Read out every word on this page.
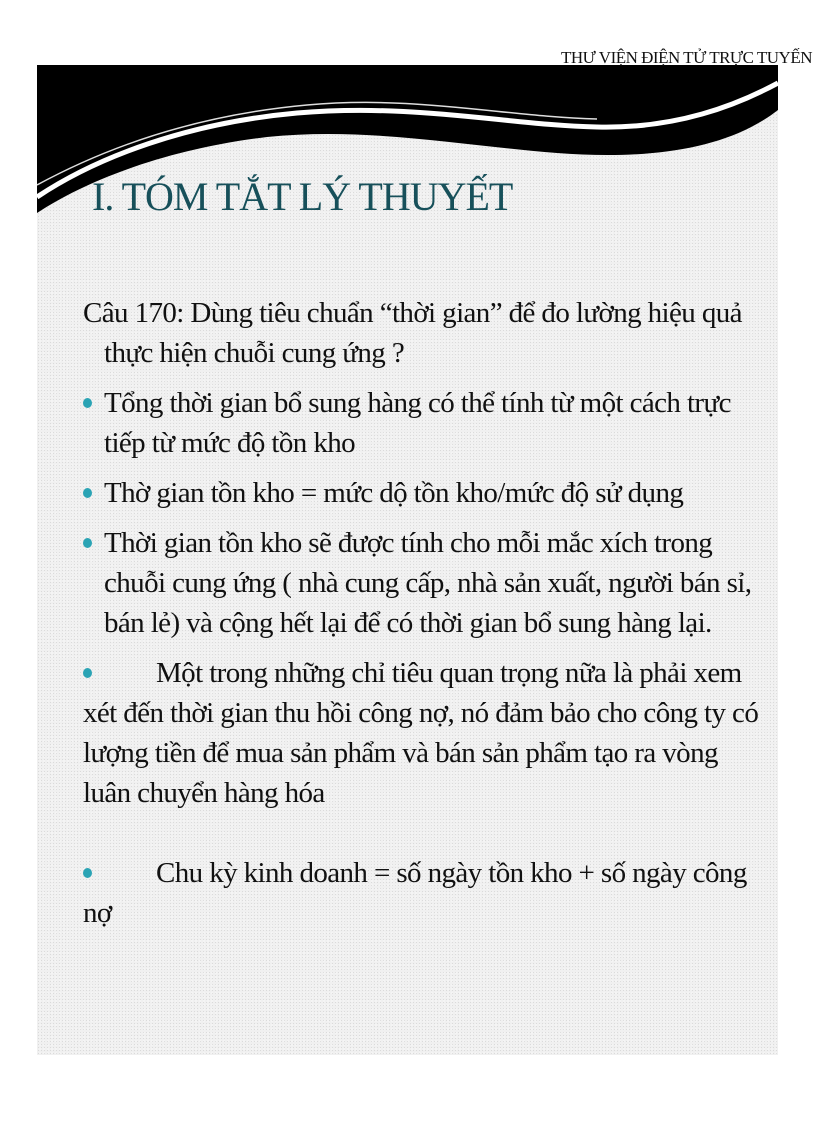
THƯ VIỆN ĐIỆN TỬ TRỰC TUYẾN
I. TÓM TẮT LÝ THUYẾT

Câu 170: Dùng tiêu chuẩn “thời gian” để đo lường hiệu quả thực hiện chuỗi cung ứng ?

Tổng thời gian bổ sung hàng có thể tính từ một cách trực tiếp từ mức độ tồn kho
Thờ gian tồn kho = mức dộ tồn kho/mức độ sử dụng
Thời gian tồn kho sẽ được tính cho mỗi mắc xích trong chuỗi cung ứng ( nhà cung cấp, nhà sản xuất, người bán sỉ, bán lẻ) và cộng hết lại để có thời gian bổ sung hàng lại.
Một trong những chỉ tiêu quan trọng nữa là phải xem xét đến thời gian thu hồi công nợ, nó đảm bảo cho công ty có lượng tiền để mua sản phẩm và bán sản phẩm tạo ra vòng luân chuyển hàng hóa
Chu kỳ kinh doanh = số ngày tồn kho + số ngày công nợ
